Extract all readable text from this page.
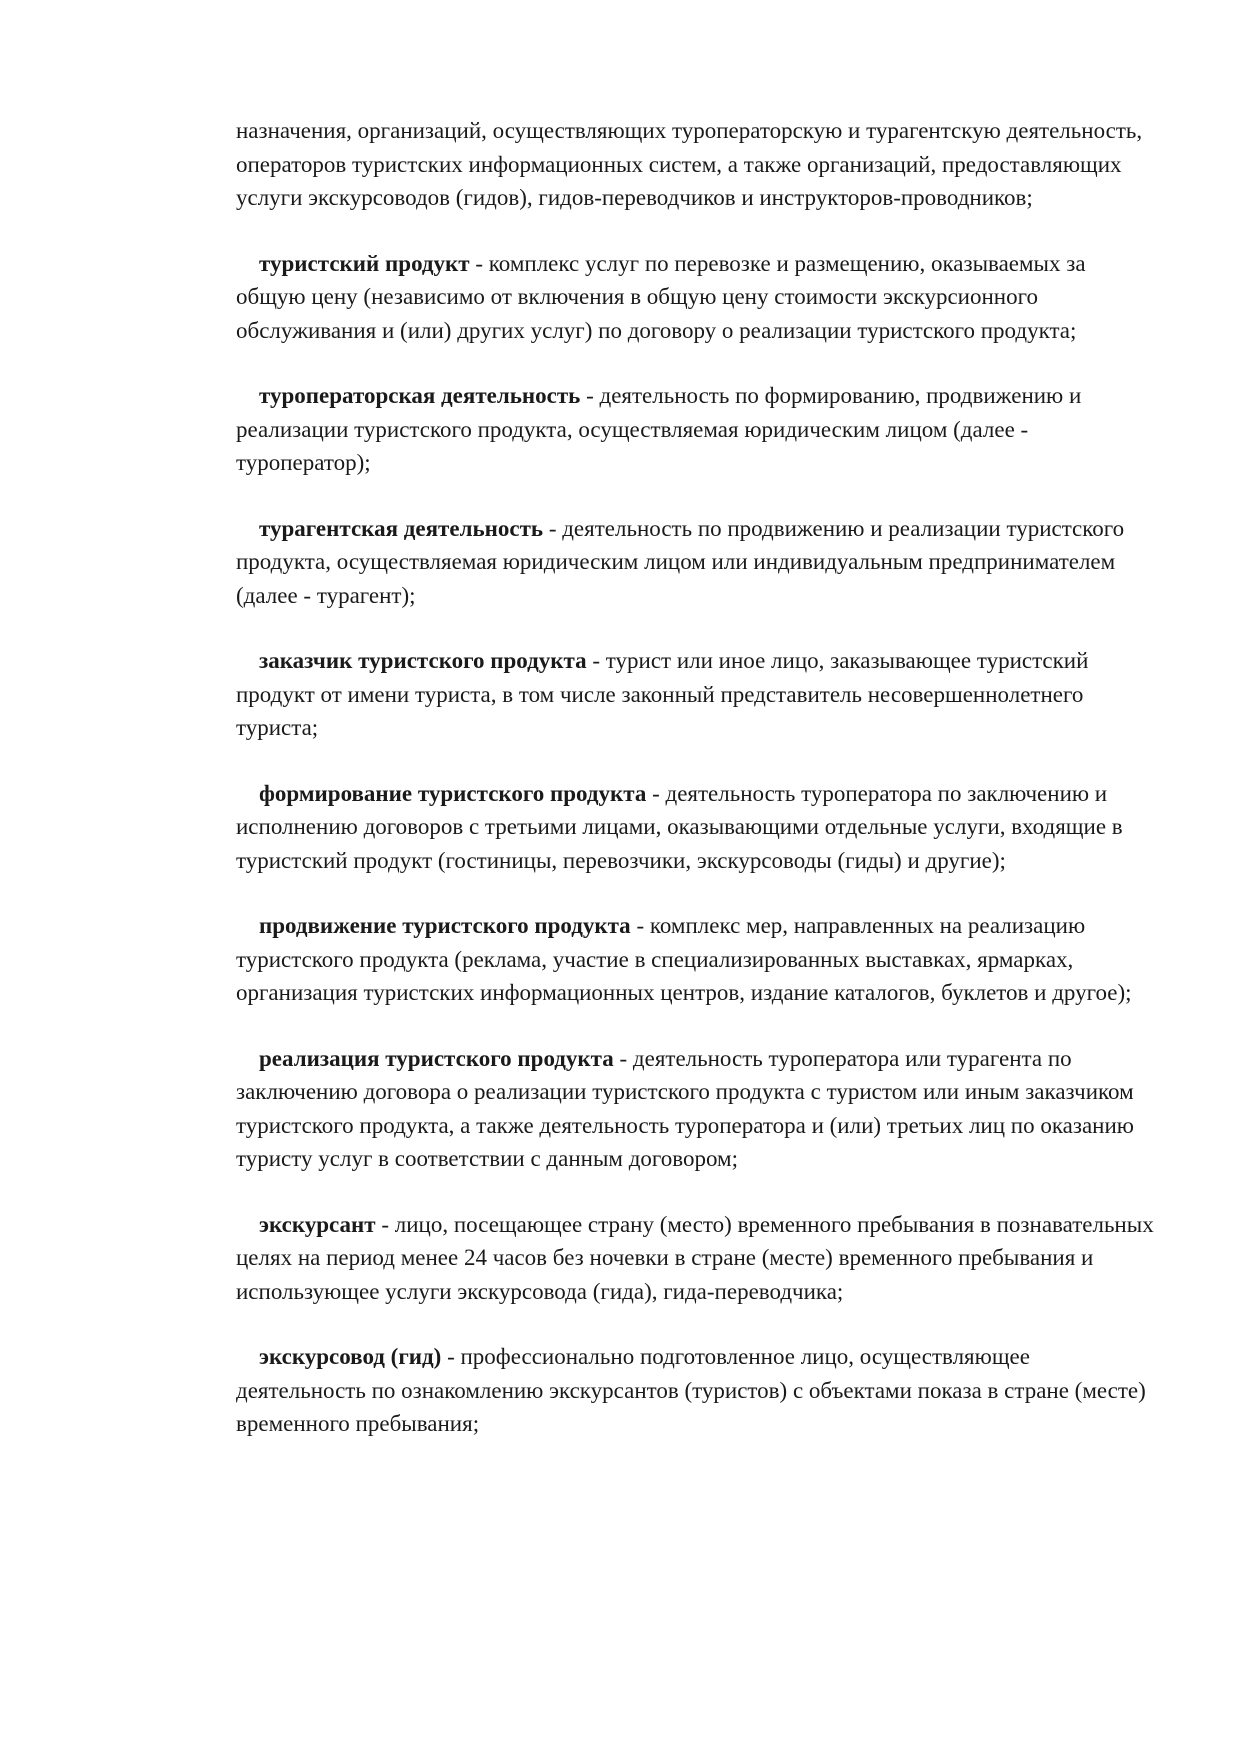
назначения, организаций, осуществляющих туроператорскую и турагентскую деятельность, операторов туристских информационных систем, а также организаций, предоставляющих услуги экскурсоводов (гидов), гидов-переводчиков и инструкторов-проводников;

туристский продукт - комплекс услуг по перевозке и размещению, оказываемых за общую цену (независимо от включения в общую цену стоимости экскурсионного обслуживания и (или) других услуг) по договору о реализации туристского продукта;

туроператорская деятельность - деятельность по формированию, продвижению и реализации туристского продукта, осуществляемая юридическим лицом (далее - туроператор);

турагентская деятельность - деятельность по продвижению и реализации туристского продукта, осуществляемая юридическим лицом или индивидуальным предпринимателем (далее - турагент);

заказчик туристского продукта - турист или иное лицо, заказывающее туристский продукт от имени туриста, в том числе законный представитель несовершеннолетнего туриста;

формирование туристского продукта - деятельность туроператора по заключению и исполнению договоров с третьими лицами, оказывающими отдельные услуги, входящие в туристский продукт (гостиницы, перевозчики, экскурсоводы (гиды) и другие);

продвижение туристского продукта - комплекс мер, направленных на реализацию туристского продукта (реклама, участие в специализированных выставках, ярмарках, организация туристских информационных центров, издание каталогов, буклетов и другое);

реализация туристского продукта - деятельность туроператора или турагента по заключению договора о реализации туристского продукта с туристом или иным заказчиком туристского продукта, а также деятельность туроператора и (или) третьих лиц по оказанию туристу услуг в соответствии с данным договором;

экскурсант - лицо, посещающее страну (место) временного пребывания в познавательных целях на период менее 24 часов без ночевки в стране (месте) временного пребывания и использующее услуги экскурсовода (гида), гида-переводчика;

экскурсовод (гид) - профессионально подготовленное лицо, осуществляющее деятельность по ознакомлению экскурсантов (туристов) с объектами показа в стране (месте) временного пребывания;
